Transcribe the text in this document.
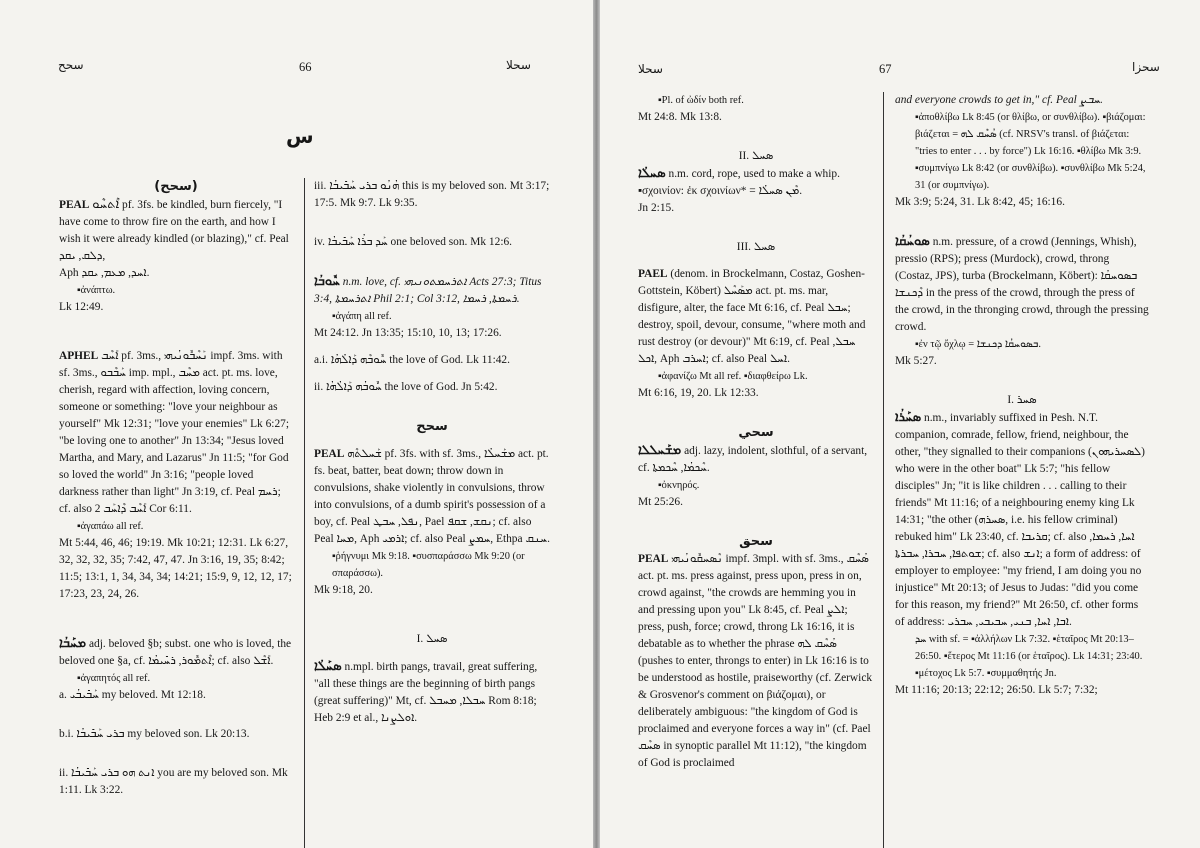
سحح	66	سحلا
س

(سحح)

PEAL ܐܶܬܚܶܘ pf. 3fs. be kindled, burn fiercely, "I have come to throw fire on the earth, and how I wish it were already kindled (or blazing)," cf. Peal ܕܠܩ, ܝܩܕ,

Aph ܐܚܕ, ܡܥܡ, ܝܩܕ.

▪ἀνάπτω.

Lk 12:49.

APHEL ܐܰܚܶܒ pf. 3ms., ܢܰܚܶܒܽܘܢܳܝܗܝ impf. 3ms. with sf. 3ms., ܚܰܒܶܒܘ imp. mpl., ܡܚܶܒ act. pt. ms. love, cherish, regard with affection, loving concern, someone or something: "love your neighbour as yourself" Mk 12:31; "love your enemies" Lk 6:27; "be loving one to another" Jn 13:34; "Jesus loved Martha, and Mary, and Lazarus" Jn 11:5; "for God so loved the world" Jn 3:16; "people loved darkness rather than light" Jn 3:19, cf. Peal ܪܚܡ; cf. also ܐܰܚܶܒ ܕܶܐܚܰܒ 2 Cor 6:11.

▪ἀγαπάω all ref.

Mt 5:44, 46, 46; 19:19. Mk 10:21; 12:31. Lk 6:27, 32, 32, 32, 35; 7:42, 47, 47. Jn 3:16, 19, 35; 8:42; 11:5; 13:1, 1, 34, 34, 34; 14:21; 15:9, 9, 12, 12, 17; 17:23, 23, 24, 26.

ܡܚܰܒܳܐ adj. beloved §b; subst. one who is loved, the beloved one §a, cf. ܐܶܬܡܽܘܪ, ܪܚܺܝܡܳܐ; cf. also ܐܰܫܶܠ.

▪ἀγαπητός all ref.

a. ܚܰܒܺܝܒܳܝ my beloved. Mt 12:18.

b.i. ܒܪܝ ܚܰܒܺܝܒܳܐ my beloved son. Lk 20:13.

ii. ܐܢܬ ܗܘ ܒܪܝ ܚܰܒܺܝܒܳܐ you are my beloved son. Mk 1:11. Lk 3:22.

iii. ܗܳܢܳܘ ܒܪܝ ܚܰܒܺܝܒܳܐ this is my beloved son. Mt 3:17; 17:5. Mk 9:7. Lk 9:35.

iv. ܚܰܕ ܒܪܳܐ ܚܰܒܺܝܒܳܐ one beloved son. Mk 12:6.

ܚܽܘܒܳܐ n.m. love, cf. ܐܬܪܚܡܬܘܢܝܗܝ Acts 27:3; Titus 3:4, ܐܬܪܚܡܬܐ Phil 2:1; Col 3:12, ܪܚܡܬܐ, ܪܚܡܐ.

▪ἀγάπη all ref.

Mt 24:12. Jn 13:35; 15:10, 10, 13; 17:26.

a.i. ܚܽܘܒܶܗ ܕܰܐܠܳܗܳܐ the love of God. Lk 11:42.

ii. ܚܽܘܒܳܗ ܕܰܐܠܳܗܳܐ the love of God. Jn 5:42.

سحح

PEAL ܫܰܚܠܬܶܗ pf. 3fs. with sf. 3ms., ܡܫܰܚܠܳܐ act. pt. fs. beat, batter, beat down; throw down in convulsions, shake violently in convulsions, throw into convulsions, of a dumb spirit's possession of a boy, cf. Peal ܢܦܠ, ܚܒܛ, Pael ܢܩܫ, ܫܩܦ; cf. also Peal ܡܚܐ, Aph ܐܪܡܝ; cf. also Peal ܚܡܨ, Ethpa ܚܢܩ.

▪ῥήγνυμι Mk 9:18. ▪συσπαράσσω Mk 9:20 (or σπαράσσω).

Mk 9:18, 20.

I. ܣܚܠ

ܣܚܰܠܳܐ n.mpl. birth pangs, travail, great suffering, "all these things are the beginning of birth pangs (great suffering)" Mt, cf. ܚܒܠܐ, ܡܚܒܠ Rom 8:18; Heb 2:9 et al., ܐܘܠܨܢܐ.

سحلا	67	سحزا

▪Pl. of ὠδίν both ref.

Mt 24:8. Mk 13:8.

II. ܣܚܠ

ܣܚܠܳܐ n.m. cord, rope, used to make a whip. ▪σχοινίον: ἐκ σχοινίων* = ܡܶܢ ܣܚܠܳܐ.

Jn 2:15.

III. ܣܚܠ

PAEL (denom. in Brockelmann, Costaz, Goshen-Gottstein, Köbert) ܡܣܰܚܶܠ act. pt. ms. mar, disfigure, alter, the face Mt 6:16, cf. Peal ܚܒܠ; destroy, spoil, devour, consume, "where moth and rust destroy (or devour)" Mt 6:19, cf. Peal ܚܒܠ, ܐܟܠ, Aph ܐܚܪܒ; cf. also Peal ܐܚܠ.

▪ἀφανίζω Mt all ref. ▪διαφθείρω Lk.

Mt 6:16, 19, 20. Lk 12:33.

سحي

ܡܫܰܚܠܠܐ adj. lazy, indolent, slothful, of a servant, cf. ܚܶܟܡܳܐ, ܚܶܟܡܬܐ.

▪ὀκνηρός.

Mt 25:26.

سحق

PEAL ܢܶܣܚܩܽܘܢܳܝܗܝ impf. 3mpl. with sf. 3ms., ܣܳܚܶܩ act. pt. ms. press against, press upon, press in on, crowd against, "the crowds are hemming you in and pressing upon you" Lk 8:45, cf. Peal ܐܠܨ; press, push, force; crowd, throng Lk 16:16, it is debatable as to whether the phrase ܣܳܚܶܩ ܠܗ (pushes to enter, throngs to enter) in Lk 16:16 is to be understood as hostile, praiseworthy (cf. Zerwick & Grosvenor's comment on βιάζομαι), or deliberately ambiguous: "the kingdom of God is proclaimed and everyone forces a way in" (cf. Pael ܣܚܶܩ in synoptic parallel Mt 11:12), "the kingdom of God is proclaimed

and everyone crowds to get in," cf. Peal ܚܒܨ.

▪ἀποθλίβω Lk 8:45 (or θλίβω, or συνθλίβω). ▪βιάζομαι: βιάζεται = ܣܳܚܶܩ ܠܗ (cf. NRSV's transl. of βιάζεται: "tries to enter . . . by force") Lk 16:16. ▪θλίβω Mk 3:9. ▪συμπνίγω Lk 8:42 (or συνθλίβω). ▪συνθλίβω Mk 5:24, 31 (or συμπνίγω).

Mk 3:9; 5:24, 31. Lk 8:42, 45; 16:16.

ܣܘܚܳܩܳܐ n.m. pressure, of a crowd (Jennings, Whish), pressio (RPS); press (Murdock), crowd, throng (Costaz, JPS), turba (Brockelmann, Köbert): ܒܣܘܚܩܳܐ ܕܶܟܢܫܐ in the press of the crowd, through the press of the crowd, in the thronging crowd, through the pressing crowd.

▪ἐν τῷ ὄχλῳ = ܒܣܘܚܩܳܐ ܕܟܢܫܐ.

Mk 5:27.

I. ܣܚܪ

ܣܚܰܪܳܐ n.m., invariably suffixed in Pesh. N.T. companion, comrade, fellow, friend, neighbour, the other, "they signalled to their companions (ܠܣܚܪܝܗܘܢ) who were in the other boat" Lk 5:7; "his fellow disciples" Jn; "it is like children . . . calling to their friends" Mt 11:16; of a neighbouring enemy king Lk 14:31; "the other (ܣܚܪܗ, i.e. his fellow criminal) rebuked him" Lk 23:40, cf. ܩܪܝܒܐ; cf. also ܐܚܐ, ܪܚܡܐ, ܫܘܬܦܐ, ܚܒܪܐ, ܚܒܪܬܐ; cf. also ܐܢܫ; a form of address: of employer to employee: "my friend, I am doing you no injustice" Mt 20:13; of Jesus to Judas: "did you come for this reason, my friend?" Mt 26:50, cf. other forms of address: ܐܒܐ, ܐܚܐ, ܒܢܝ, ܚܒܝܒܝ, ܚܒܪܝ.

ܚܕ with sf. = ▪ἀλλήλων Lk 7:32. ▪ἑταῖρος Mt 20:13–26:50. ▪ἕτερος Mt 11:16 (or ἑταῖρος). Lk 14:31; 23:40. ▪μέτοχος Lk 5:7. ▪συμμαθητής Jn.

Mt 11:16; 20:13; 22:12; 26:50. Lk 5:7; 7:32;
